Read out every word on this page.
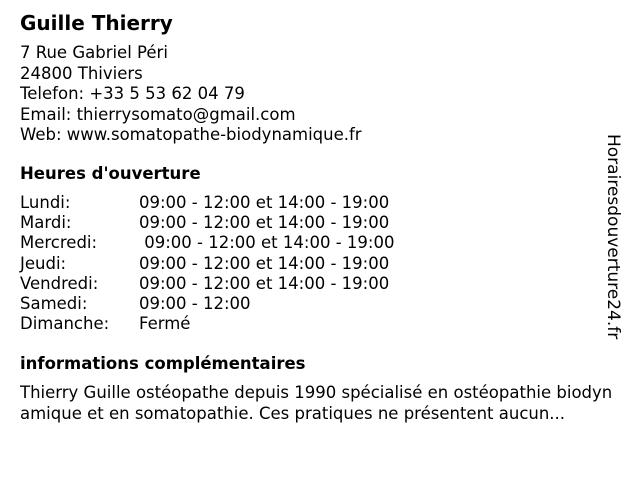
Guille Thierry
7 Rue Gabriel Péri
24800 Thiviers
Telefon: +33 5 53 62 04 79
Email: thierrysomato@gmail.com
Web: www.somatopathe-biodynamique.fr
Heures d'ouverture
Lundi:	09:00 - 12:00 et 14:00 - 19:00
Mardi:	09:00 - 12:00 et 14:00 - 19:00
Mercredi:	09:00 - 12:00 et 14:00 - 19:00
Jeudi:	09:00 - 12:00 et 14:00 - 19:00
Vendredi: 09:00 - 12:00 et 14:00 - 19:00
Samedi:	09:00 - 12:00
Dimanche: Fermé
informations complémentaires
Thierry Guille ostéopathe depuis 1990 spécialisé en ostéopathie biodynamique et en somatopathie. Ces pratiques ne présentent aucun...
Horairesdouverture24.fr
